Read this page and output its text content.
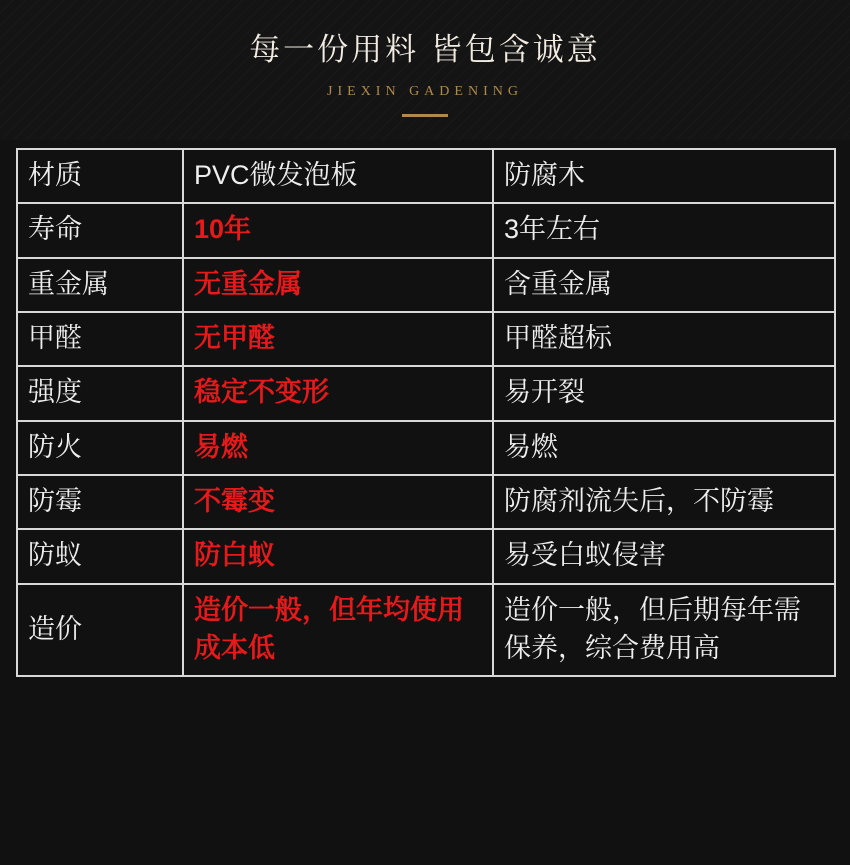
每一份用料 皆包含诚意
JIEXIN GADENING
材质	PVC微发泡板	防腐木
寿命	10年	3年左右
重金属	无重金属	含重金属
甲醛	无甲醛	甲醛超标
强度	稳定不变形	易开裂
防火	易燃	易燃
防霉	不霉变	防腐剂流失后，不防霉
防蚁	防白蚁	易受白蚁侵害
造价	造价一般，但年均使用成本低	造价一般，但后期每年需保养，综合费用高
